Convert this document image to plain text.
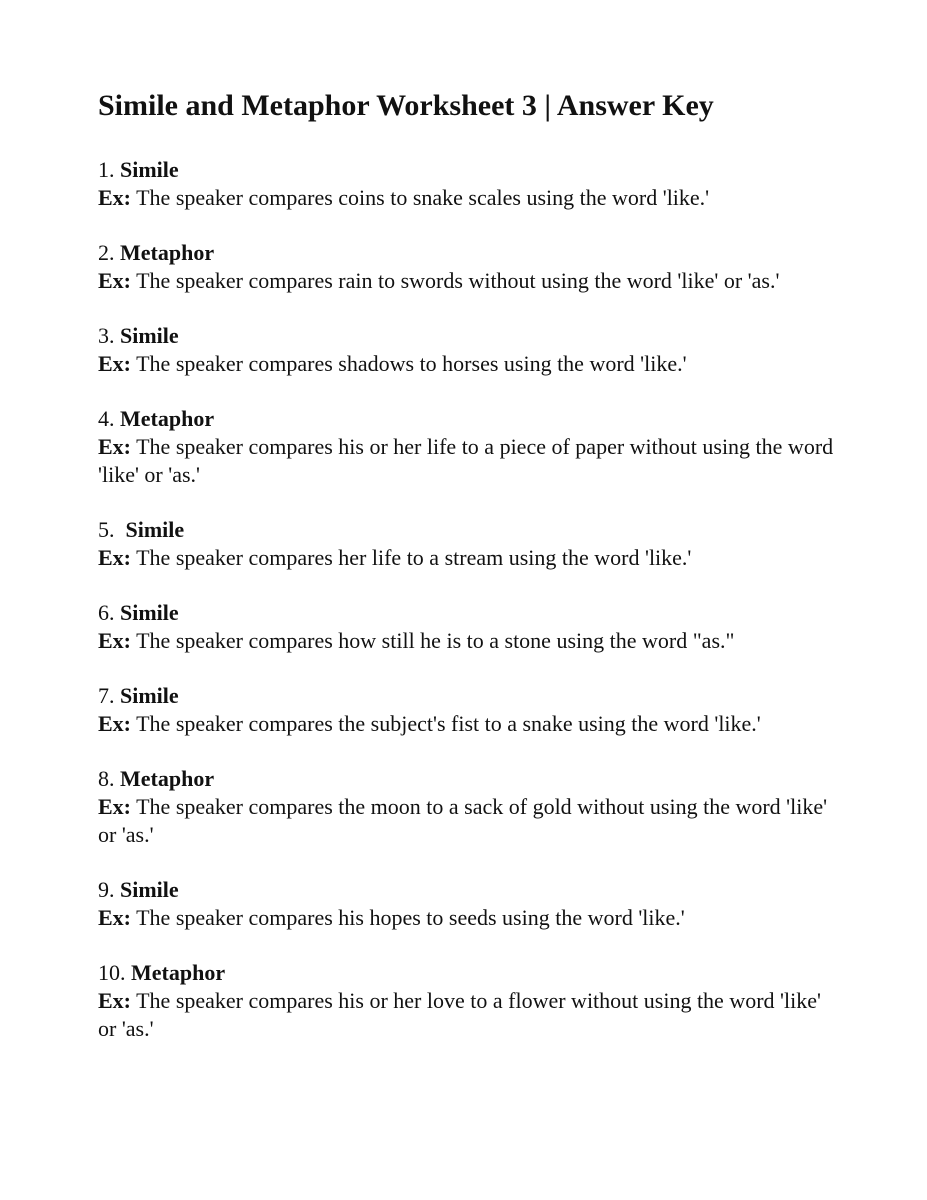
Simile and Metaphor Worksheet 3 | Answer Key
1. Simile
Ex: The speaker compares coins to snake scales using the word 'like.'
2. Metaphor
Ex: The speaker compares rain to swords without using the word 'like' or 'as.'
3. Simile
Ex: The speaker compares shadows to horses using the word 'like.'
4. Metaphor
Ex: The speaker compares his or her life to a piece of paper without using the word 'like' or 'as.'
5.  Simile
Ex: The speaker compares her life to a stream using the word 'like.'
6. Simile
Ex: The speaker compares how still he is to a stone using the word "as."
7. Simile
Ex: The speaker compares the subject's fist to a snake using the word 'like.'
8. Metaphor
Ex: The speaker compares the moon to a sack of gold without using the word 'like' or 'as.'
9. Simile
Ex: The speaker compares his hopes to seeds using the word 'like.'
10. Metaphor
Ex: The speaker compares his or her love to a flower without using the word 'like' or 'as.'
